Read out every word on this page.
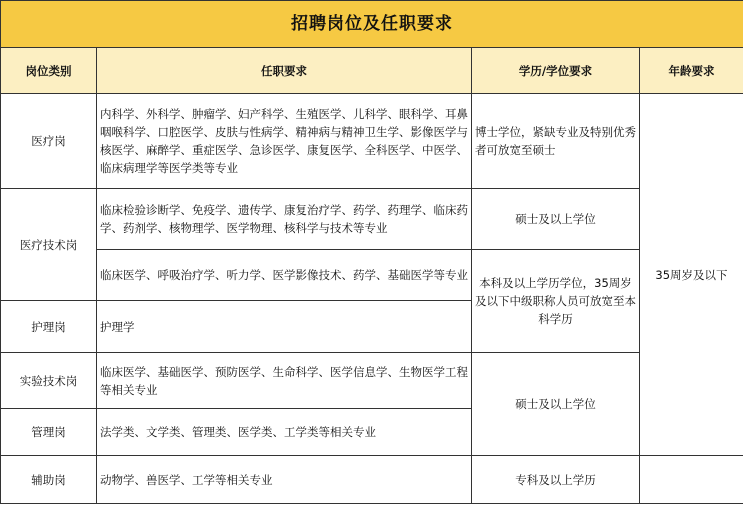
招聘岗位及任职要求			
岗位类别	任职要求	学历/学位要求	年龄要求
医疗岗	内科学、外科学、肿瘤学、妇产科学、生殖医学、儿科学、眼科学、耳鼻咽喉科学、口腔医学、皮肤与性病学、精神病与精神卫生学、影像医学与核医学、麻醉学、重症医学、急诊医学、康复医学、全科医学、中医学、临床病理学等医学类等专业	博士学位，紧缺专业及特别优秀者可放宽至硕士	35周岁及以下
医疗技术岗	临床检验诊断学、免疫学、遗传学、康复治疗学、药学、药理学、临床药学、药剂学、核物理学、医学物理、核科学与技术等专业	硕士及以上学位	
	临床医学、呼吸治疗学、听力学、医学影像技术、药学、基础医学等专业	本科及以上学历学位，35周岁及以下中级职称人员可放宽至本科学历	
护理岗	护理学		
实验技术岗	临床医学、基础医学、预防医学、生命科学、医学信息学、生物医学工程等相关专业	硕士及以上学位	
管理岗	法学类、文学类、管理类、医学类、工学类等相关专业		
辅助岗	动物学、兽医学、工学等相关专业	专科及以上学历	
